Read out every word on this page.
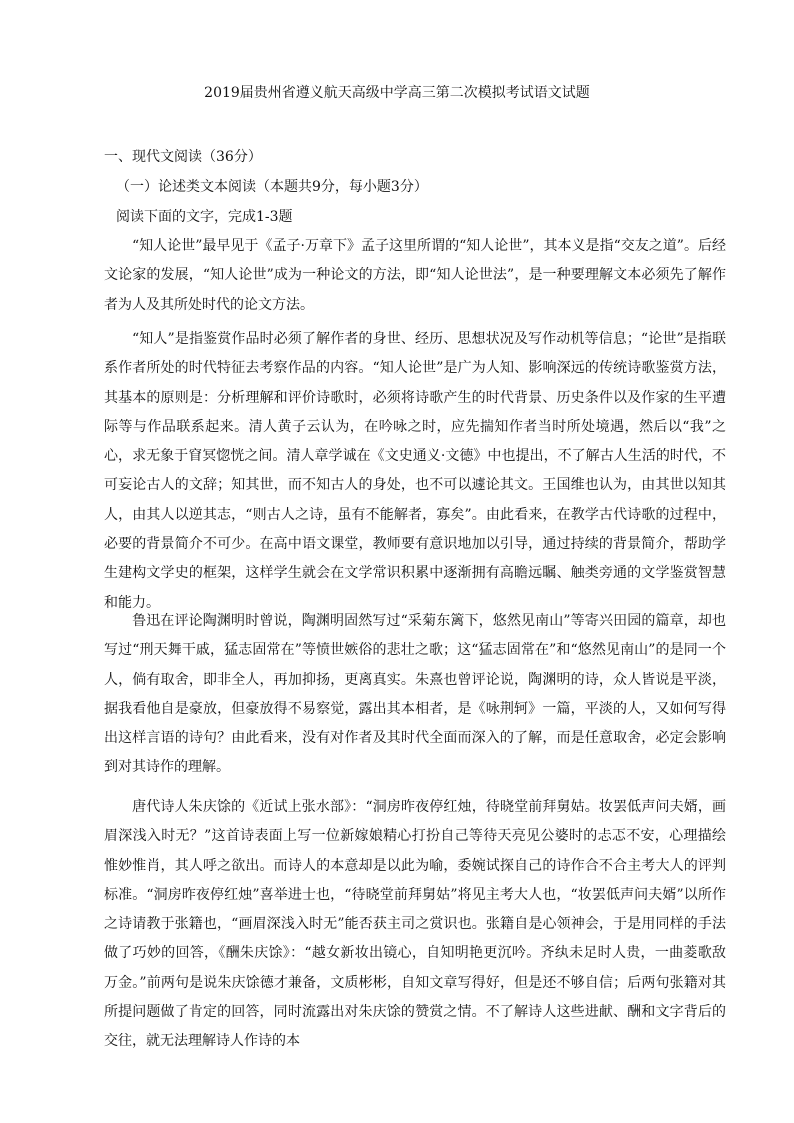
2019届贵州省遵义航天高级中学高三第二次模拟考试语文试题
一、现代文阅读（36分）
（一）论述类文本阅读（本题共9分，每小题3分）
阅读下面的文字，完成1-3题
“知人论世”最早见于《孟子·万章下》孟子这里所谓的“知人论世”，其本义是指“交友之道”。后经文论家的发展，“知人论世”成为一种论文的方法，即“知人论世法”，是一种要理解文本必须先了解作者为人及其所处时代的论文方法。
“知人”是指鉴赏作品时必须了解作者的身世、经历、思想状况及写作动机等信息；“论世”是指联系作者所处的时代特征去考察作品的内容。“知人论世”是广为人知、影响深远的传统诗歌鉴赏方法，其基本的原则是：分析理解和评价诗歌时，必须将诗歌产生的时代背景、历史条件以及作家的生平遭际等与作品联系起来。清人黄子云认为，在吟咏之时，应先揣知作者当时所处境遇，然后以“我”之心，求无象于窅冥惚恍之间。清人章学诚在《文史通义·文德》中也提出，不了解古人生活的时代，不可妄论古人的文辞；知其世，而不知古人的身处，也不可以遽论其文。王国维也认为，由其世以知其人，由其人以逆其志，“则古人之诗，虽有不能解者，寡矣”。由此看来，在教学古代诗歌的过程中，必要的背景简介不可少。在高中语文课堂，教师要有意识地加以引导，通过持续的背景简介，帮助学生建构文学史的框架，这样学生就会在文学常识积累中逐渐拥有高瞻远瞩、触类旁通的文学鉴赏智慧和能力。
鲁迅在评论陶渊明时曾说，陶渊明固然写过“采菊东篱下，悠然见南山”等寄兴田园的篇章，却也写过“刑天舞干戚，猛志固常在”等愤世嫉俗的悲壮之歌；这“猛志固常在”和“悠然见南山”的是同一个人，倘有取舍，即非全人，再加抑扬，更离真实。朱熹也曾评论说，陶渊明的诗，众人皆说是平淡，据我看他自是豪放，但豪放得不易察觉，露出其本相者，是《咏荆轲》一篇，平淡的人，又如何写得出这样言语的诗句？由此看来，没有对作者及其时代全面而深入的了解，而是任意取舍，必定会影响到对其诗作的理解。
唐代诗人朱庆馀的《近试上张水部》：“洞房昨夜停红烛，待晓堂前拜舅姑。妆罢低声问夫婿，画眉深浅入时无？”这首诗表面上写一位新嫁娘精心打扮自己等待天亮见公婆时的忐忑不安，心理描绘惟妙惟肖，其人呼之欲出。而诗人的本意却是以此为喻，委婉试探自己的诗作合不合主考大人的评判标准。“洞房昨夜停红烛”喜举进士也，“待晓堂前拜舅姑”将见主考大人也，“妆罢低声问夫婿”以所作之诗请教于张籍也，“画眉深浅入时无”能否获主司之赏识也。张籍自是心领神会，于是用同样的手法做了巧妙的回答，《酬朱庆馀》：“越女新妆出镜心，自知明艳更沉吟。齐纨未足时人贵，一曲菱歌敌万金。”前两句是说朱庆馀德才兼备，文质彬彬，自知文章写得好，但是还不够自信；后两句张籍对其所提问题做了肯定的回答，同时流露出对朱庆馀的赞赏之情。不了解诗人这些进献、酬和文字背后的交往，就无法理解诗人作诗的本
